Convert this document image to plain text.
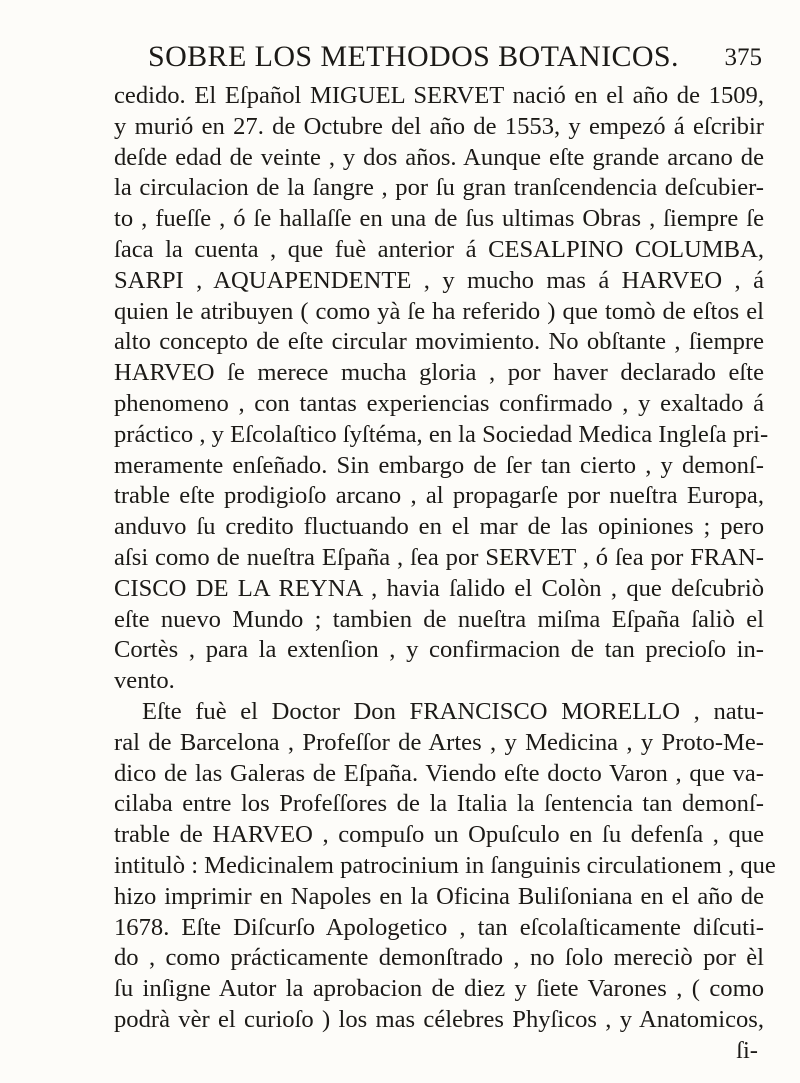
SOBRE LOS METHODOS BOTANICOS. 375
cedido. El Eſpañol MIGUEL SERVET nació en el año de 1509,
y murió en 27. de Octubre del año de 1553, y empezó á eſcribir
deſde edad de veinte , y dos años. Aunque eſte grande arcano de
la circulacion de la ſangre , por ſu gran tranſcendencia deſcubier-
to , fueſſe , ó ſe hallaſſe en una de ſus ultimas Obras , ſiempre ſe
ſaca la cuenta , que fuè anterior á CESALPINO COLUMBA,
SARPI , AQUAPENDENTE , y mucho mas á HARVEO , á
quien le atribuyen ( como yà ſe ha referido ) que tomò de eſtos el
alto concepto de eſte circular movimiento. No obſtante , ſiempre
HARVEO ſe merece mucha gloria , por haver declarado eſte
phenomeno , con tantas experiencias confirmado , y exaltado á
práctico , y Eſcolaſtico ſyſtéma, en la Sociedad Medica Ingleſa pri-
meramente enſeñado. Sin embargo de ſer tan cierto , y demonſ-
trable eſte prodigioſo arcano , al propagarſe por nueſtra Europa,
anduvo ſu credito fluctuando en el mar de las opiniones ; pero
aſsi como de nueſtra Eſpaña , ſea por SERVET , ó ſea por FRAN-
CISCO DE LA REYNA , havia ſalido el Colòn , que deſcubriò
eſte nuevo Mundo ; tambien de nueſtra miſma Eſpaña ſaliò el
Cortès , para la extenſion , y confirmacion de tan precioſo in-
vento.
Eſte fuè el Doctor Don FRANCISCO MORELLO , natu-
ral de Barcelona , Profeſſor de Artes , y Medicina , y Proto-Me-
dico de las Galeras de Eſpaña. Viendo eſte docto Varon , que va-
cilaba entre los Profeſſores de la Italia la ſentencia tan demonſ-
trable de HARVEO , compuſo un Opuſculo en ſu defenſa , que
intitulò : Medicinalem patrocinium in ſanguinis circulationem , que
hizo imprimir en Napoles en la Oficina Buliſoniana en el año de
1678. Eſte Diſcurſo Apologetico , tan eſcolaſticamente diſcuti-
do , como prácticamente demonſtrado , no ſolo mereciò por èl
ſu inſigne Autor la aprobacion de diez y ſiete Varones , ( como
podrà vèr el curioſo ) los mas célebres Phyſicos , y Anatomicos,
ſi-
